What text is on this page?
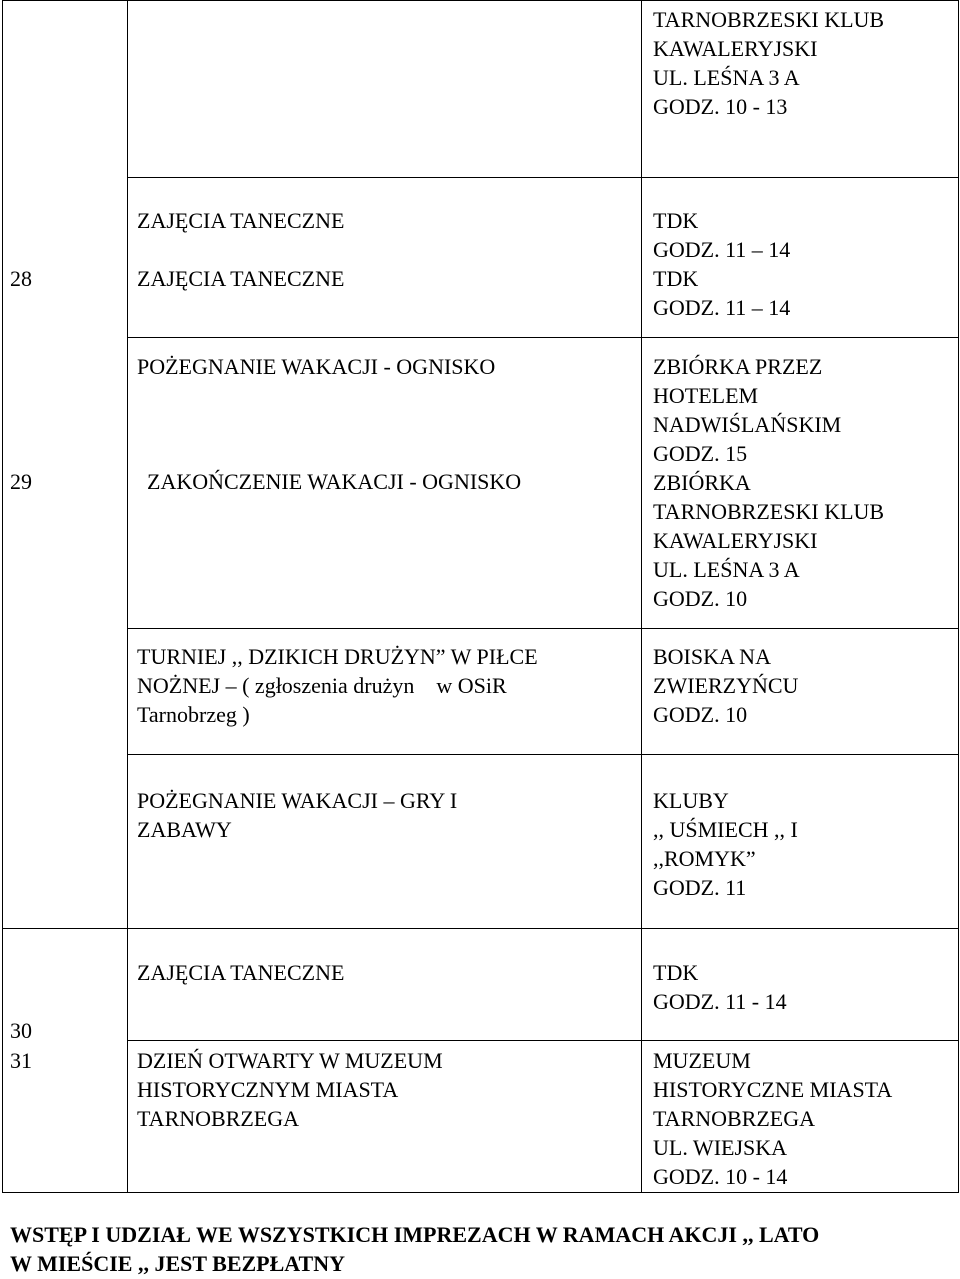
TARNOBRZESKI KLUB
KAWALERYJSKI
UL. LEŚNA 3 A
GODZ. 10 - 13
28
ZAJĘCIA TANECZNE
ZAJĘCIA TANECZNE
TDK
GODZ. 11 – 14
TDK
GODZ. 11 – 14
29
POŻEGNANIE WAKACJI - OGNISKO
ZAKOŃCZENIE WAKACJI - OGNISKO
ZBIÓRKA PRZEZ
HOTELEM
NADWIŚLAŃSKIM
GODZ. 15
ZBIÓRKA
TARNOBRZESKI KLUB
KAWALERYJSKI
UL. LEŚNA 3 A
GODZ. 10
TURNIEJ ,, DZIKICH DRUŻYN” W PIŁCE
NOŻNEJ – ( zgłoszenia drużyn    w OSiR
Tarnobrzeg )
BOISKA NA
ZWIERZYŃCU
GODZ. 10
POŻEGNANIE WAKACJI – GRY I
ZABAWY
KLUBY
,, UŚMIECH ,, I
,,ROMYK”
GODZ. 11
30
ZAJĘCIA TANECZNE	TDK
GODZ. 11 - 14
31	DZIEŃ OTWARTY W MUZEUM
HISTORYCZNYM MIASTA
TARNOBRZEGA
MUZEUM
HISTORYCZNE MIASTA
TARNOBRZEGA
UL. WIEJSKA
GODZ. 10 - 14
WSTĘP I UDZIAŁ WE WSZYSTKICH IMPREZACH W RAMACH AKCJI ,, LATO
W MIEŚCIE ,, JEST BEZPŁATNY
